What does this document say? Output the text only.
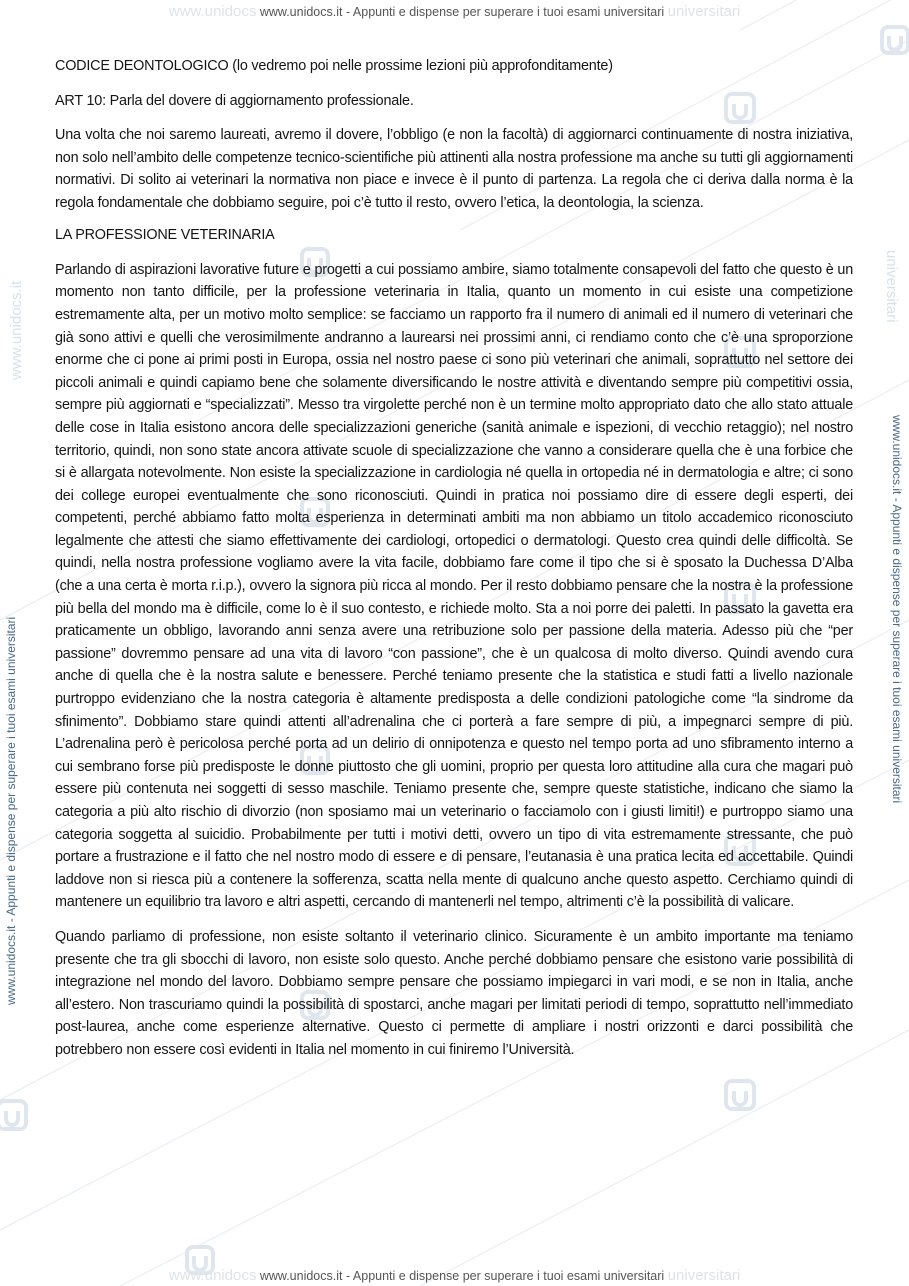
www.unidocs www.unidocs.it - Appunti e dispense per superare i tuoi esami universitari universitari
www.unidocs.it	universitari
www.unidocs.it - Appunti e dispense per superare i tuoi esami universitari
www.unidocs.it - Appunti e dispense per superare i tuoi esami universitari

CODICE DEONTOLOGICO (lo vedremo poi nelle prossime lezioni più approfonditamente)

ART 10: Parla del dovere di aggiornamento professionale.

Una volta che noi saremo laureati, avremo il dovere, l’obbligo (e non la facoltà) di aggiornarci continuamente di nostra iniziativa, non solo nell’ambito delle competenze tecnico-scientifiche più attinenti alla nostra professione ma anche su tutti gli aggiornamenti normativi. Di solito ai veterinari la normativa non piace e invece è il punto di partenza. La regola che ci deriva dalla norma è la regola fondamentale che dobbiamo seguire, poi c’è tutto il resto, ovvero l’etica, la deontologia, la scienza.

LA PROFESSIONE VETERINARIA

Parlando di aspirazioni lavorative future e progetti a cui possiamo ambire, siamo totalmente consapevoli del fatto che questo è un momento non tanto difficile, per la professione veterinaria in Italia, quanto un momento in cui esiste una competizione estremamente alta, per un motivo molto semplice: se facciamo un rapporto fra il numero di animali ed il numero di veterinari che già sono attivi e quelli che verosimilmente andranno a laurearsi nei prossimi anni, ci rendiamo conto che c’è una sproporzione enorme che ci pone ai primi posti in Europa, ossia nel nostro paese ci sono più veterinari che animali, soprattutto nel settore dei piccoli animali e quindi capiamo bene che solamente diversificando le nostre attività e diventando sempre più competitivi ossia, sempre più aggiornati e “specializzati”. Messo tra virgolette perché non è un termine molto appropriato dato che allo stato attuale delle cose in Italia esistono ancora delle specializzazioni generiche (sanità animale e ispezioni, di vecchio retaggio); nel nostro territorio, quindi, non sono state ancora attivate scuole di specializzazione che vanno a considerare quella che è una forbice che si è allargata notevolmente. Non esiste la specializzazione in cardiologia né quella in ortopedia né in dermatologia e altre; ci sono dei college europei eventualmente che sono riconosciuti. Quindi in pratica noi possiamo dire di essere degli esperti, dei competenti, perché abbiamo fatto molta esperienza in determinati ambiti ma non abbiamo un titolo accademico riconosciuto legalmente che attesti che siamo effettivamente dei cardiologi, ortopedici o dermatologi. Questo crea quindi delle difficoltà. Se quindi, nella nostra professione vogliamo avere la vita facile, dobbiamo fare come il tipo che si è sposato la Duchessa D’Alba (che a una certa è morta r.i.p.), ovvero la signora più ricca al mondo. Per il resto dobbiamo pensare che la nostra è la professione più bella del mondo ma è difficile, come lo è il suo contesto, e richiede molto. Sta a noi porre dei paletti. In passato la gavetta era praticamente un obbligo, lavorando anni senza avere una retribuzione solo per passione della materia. Adesso più che “per passione” dovremmo pensare ad una vita di lavoro “con passione”, che è un qualcosa di molto diverso. Quindi avendo cura anche di quella che è la nostra salute e benessere. Perché teniamo presente che la statistica e studi fatti a livello nazionale purtroppo evidenziano che la nostra categoria è altamente predisposta a delle condizioni patologiche come “la sindrome da sfinimento”. Dobbiamo stare quindi attenti all’adrenalina che ci porterà a fare sempre di più, a impegnarci sempre di più. L’adrenalina però è pericolosa perché porta ad un delirio di onnipotenza e questo nel tempo porta ad uno sfibramento interno a cui sembrano forse più predisposte le donne piuttosto che gli uomini, proprio per questa loro attitudine alla cura che magari può essere più contenuta nei soggetti di sesso maschile. Teniamo presente che, sempre queste statistiche, indicano che siamo la categoria a più alto rischio di divorzio (non sposiamo mai un veterinario o facciamolo con i giusti limiti!) e purtroppo siamo una categoria soggetta al suicidio. Probabilmente per tutti i motivi detti, ovvero un tipo di vita estremamente stressante, che può portare a frustrazione e il fatto che nel nostro modo di essere e di pensare, l’eutanasia è una pratica lecita ed accettabile. Quindi laddove non si riesca più a contenere la sofferenza, scatta nella mente di qualcuno anche questo aspetto. Cerchiamo quindi di mantenere un equilibrio tra lavoro e altri aspetti, cercando di mantenerli nel tempo, altrimenti c’è la possibilità di valicare.

Quando parliamo di professione, non esiste soltanto il veterinario clinico. Sicuramente è un ambito importante ma teniamo presente che tra gli sbocchi di lavoro, non esiste solo questo. Anche perché dobbiamo pensare che esistono varie possibilità di integrazione nel mondo del lavoro. Dobbiamo sempre pensare che possiamo impiegarci in vari modi, e se non in Italia, anche all’estero. Non trascuriamo quindi la possibilità di spostarci, anche magari per limitati periodi di tempo, soprattutto nell’immediato post-laurea, anche come esperienze alternative. Questo ci permette di ampliare i nostri orizzonti e darci possibilità che potrebbero non essere così evidenti in Italia nel momento in cui finiremo l’Università.

www.unidocs www.unidocs.it - Appunti e dispense per superare i tuoi esami universitari universitari
